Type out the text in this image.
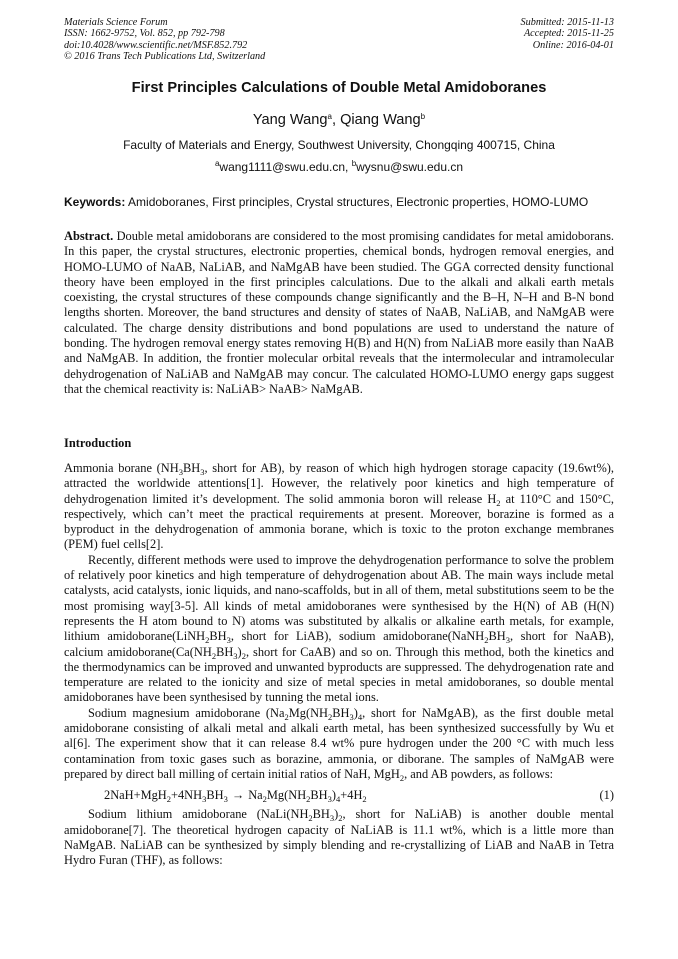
Materials Science Forum
ISSN: 1662-9752, Vol. 852, pp 792-798
doi:10.4028/www.scientific.net/MSF.852.792
© 2016 Trans Tech Publications Ltd, Switzerland
Submitted: 2015-11-13
Accepted: 2015-11-25
Online: 2016-04-01
First Principles Calculations of Double Metal Amidoboranes
Yang Wang$^a$, Qiang Wang$^b$
Faculty of Materials and Energy, Southwest University, Chongqing 400715, China
$^a$wang1111@swu.edu.cn, $^b$wysnu@swu.edu.cn
Keywords: Amidoboranes, First principles, Crystal structures, Electronic properties, HOMO-LUMO
Abstract. Double metal amidoborans are considered to the most promising candidates for metal amidoborans. In this paper, the crystal structures, electronic properties, chemical bonds, hydrogen removal energies, and HOMO-LUMO of NaAB, NaLiAB, and NaMgAB have been studied. The GGA corrected density functional theory have been employed in the first principles calculations. Due to the alkali and alkali earth metals coexisting, the crystal structures of these compounds change significantly and the B–H, N–H and B-N bond lengths shorten. Moreover, the band structures and density of states of NaAB, NaLiAB, and NaMgAB were calculated. The charge density distributions and bond populations are used to understand the nature of bonding. The hydrogen removal energy states removing H(B) and H(N) from NaLiAB more easily than NaAB and NaMgAB. In addition, the frontier molecular orbital reveals that the intermolecular and intramolecular dehydrogenation of NaLiAB and NaMgAB may concur. The calculated HOMO-LUMO energy gaps suggest that the chemical reactivity is: NaLiAB> NaAB> NaMgAB.
Introduction

Ammonia borane ($NH_3BH_3$, short for AB), by reason of which high hydrogen storage capacity (19.6wt%), attracted the worldwide attentions[1]. However, the relatively poor kinetics and high temperature of dehydrogenation limited it’s development. The solid ammonia boron will release $H_2$ at 110°C and 150°C, respectively, which can’t meet the practical requirements at present. Moreover, borazine is formed as a byproduct in the dehydrogenation of ammonia borane, which is toxic to the proton exchange membranes (PEM) fuel cells[2].

Recently, different methods were used to improve the dehydrogenation performance to solve the problem of relatively poor kinetics and high temperature of dehydrogenation about AB. The main ways include metal catalysts, acid catalysts, ionic liquids, and nano-scaffolds, but in all of them, metal substitutions seem to be the most promising way[3-5]. All kinds of metal amidoboranes were synthesised by the H(N) of AB (H(N) represents the H atom bound to N) atoms was substituted by alkalis or alkaline earth metals, for example, lithium $amidoborane(LiNH_2BH_3$, short for LiAB), sodium $amidoborane(NaNH_2BH_3$, short for NaAB), calcium $amidoborane(Ca(NH_2BH_3)_2$, short for CaAB) and so on. Through this method, both the kinetics and the thermodynamics can be improved and unwanted byproducts are suppressed. The dehydrogenation rate and temperature are related to the ionicity and size of metal species in metal amidoboranes, so double mental amidoboranes have been synthesised by tunning the metal ions.

Sodium magnesium amidoborane ($Na_2Mg(NH_2BH_3)_4$, short for NaMgAB), as the first double metal amidoborane consisting of alkali metal and alkali earth metal, has been synthesized successfully by Wu et al[6]. The experiment show that it can release 8.4 wt% pure hydrogen under the 200 °C with much less contamination from toxic gases such as borazine, ammonia, or diborane. The samples of NaMgAB were prepared by direct ball milling of certain initial ratios of NaH, MgH$_2$, and AB powders, as follows:

$2NaH+MgH_2+4NH_3BH_3 \to Na_2Mg(NH_2BH_3)_4+4H_2$	(1)

Sodium lithium amidoborane ($NaLi(NH_2BH_3)_2$, short for NaLiAB) is another double mental amidoborane[7]. The theoretical hydrogen capacity of NaLiAB is 11.1 wt%, which is a little more than NaMgAB. NaLiAB can be synthesized by simply blending and re-crystallizing of LiAB and NaAB in Tetra Hydro Furan (THF), as follows:
